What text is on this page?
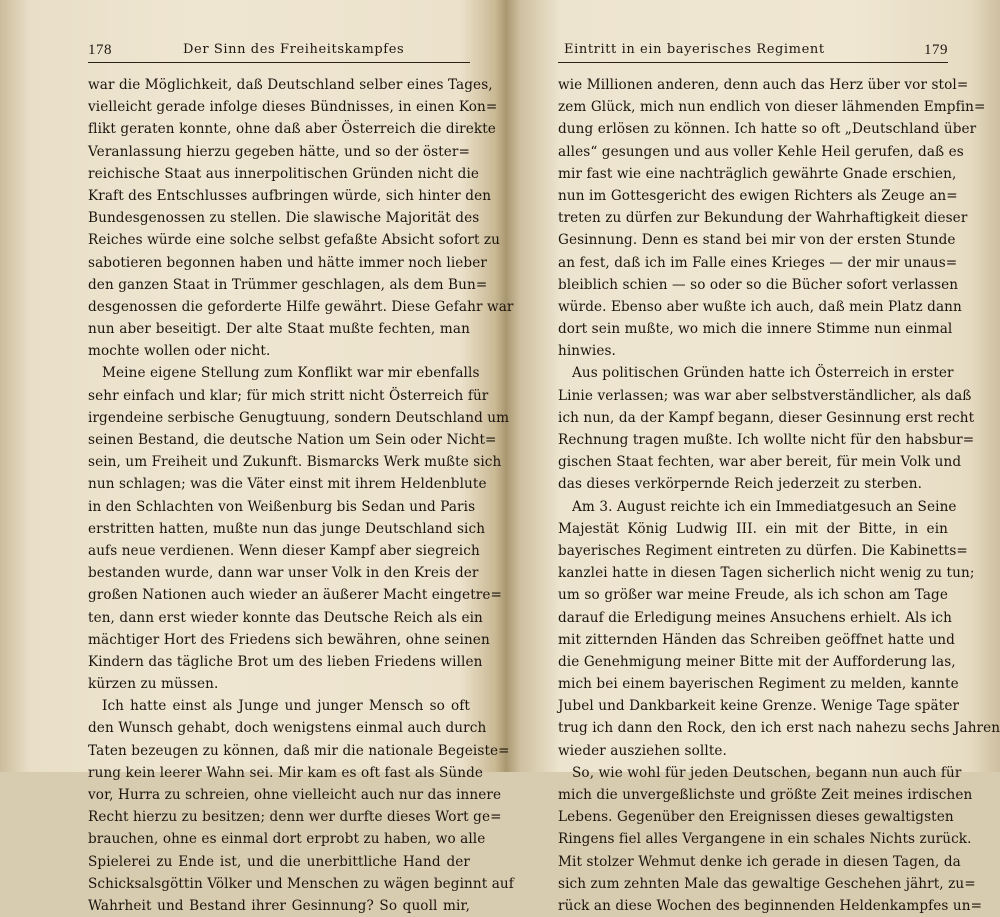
178	Der Sinn des Freiheitskampfes
war die Möglichkeit, daß Deutschland selber eines Tages,
vielleicht gerade infolge dieses Bündnisses, in einen Kon=
flikt geraten konnte, ohne daß aber Österreich die direkte
Veranlassung hierzu gegeben hätte, und so der öster=
reichische Staat aus innerpolitischen Gründen nicht die
Kraft des Entschlusses aufbringen würde, sich hinter den
Bundesgenossen zu stellen. Die slawische Majorität des
Reiches würde eine solche selbst gefaßte Absicht sofort zu
sabotieren begonnen haben und hätte immer noch lieber
den ganzen Staat in Trümmer geschlagen, als dem Bun=
desgenossen die geforderte Hilfe gewährt. Diese Gefahr war
nun aber beseitigt. Der alte Staat mußte fechten, man
mochte wollen oder nicht.
Meine eigene Stellung zum Konflikt war mir ebenfalls
sehr einfach und klar; für mich stritt nicht Österreich für
irgendeine serbische Genugtuung, sondern Deutschland um
seinen Bestand, die deutsche Nation um Sein oder Nicht=
sein, um Freiheit und Zukunft. Bismarcks Werk mußte sich
nun schlagen; was die Väter einst mit ihrem Heldenblute
in den Schlachten von Weißenburg bis Sedan und Paris
erstritten hatten, mußte nun das junge Deutschland sich
aufs neue verdienen. Wenn dieser Kampf aber siegreich
bestanden wurde, dann war unser Volk in den Kreis der
großen Nationen auch wieder an äußerer Macht eingetre=
ten, dann erst wieder konnte das Deutsche Reich als ein
mächtiger Hort des Friedens sich bewähren, ohne seinen
Kindern das tägliche Brot um des lieben Friedens willen
kürzen zu müssen.
Ich hatte einst als Junge und junger Mensch so oft
den Wunsch gehabt, doch wenigstens einmal auch durch
Taten bezeugen zu können, daß mir die nationale Begeiste=
rung kein leerer Wahn sei. Mir kam es oft fast als Sünde
vor, Hurra zu schreien, ohne vielleicht auch nur das innere
Recht hierzu zu besitzen; denn wer durfte dieses Wort ge=
brauchen, ohne es einmal dort erprobt zu haben, wo alle
Spielerei zu Ende ist, und die unerbittliche Hand der
Schicksalsgöttin Völker und Menschen zu wägen beginnt auf
Wahrheit und Bestand ihrer Gesinnung? So quoll mir,
Eintritt in ein bayerisches Regiment	179
wie Millionen anderen, denn auch das Herz über vor stol=
zem Glück, mich nun endlich von dieser lähmenden Empfin=
dung erlösen zu können. Ich hatte so oft „Deutschland über
alles“ gesungen und aus voller Kehle Heil gerufen, daß es
mir fast wie eine nachträglich gewährte Gnade erschien,
nun im Gottesgericht des ewigen Richters als Zeuge an=
treten zu dürfen zur Bekundung der Wahrhaftigkeit dieser
Gesinnung. Denn es stand bei mir von der ersten Stunde
an fest, daß ich im Falle eines Krieges — der mir unaus=
bleiblich schien — so oder so die Bücher sofort verlassen
würde. Ebenso aber wußte ich auch, daß mein Platz dann
dort sein mußte, wo mich die innere Stimme nun einmal
hinwies.
Aus politischen Gründen hatte ich Österreich in erster
Linie verlassen; was war aber selbstverständlicher, als daß
ich nun, da der Kampf begann, dieser Gesinnung erst recht
Rechnung tragen mußte. Ich wollte nicht für den habsbur=
gischen Staat fechten, war aber bereit, für mein Volk und
das dieses verkörpernde Reich jederzeit zu sterben.
Am 3. August reichte ich ein Immediatgesuch an Seine
Majestät König Ludwig III. ein mit der Bitte, in ein
bayerisches Regiment eintreten zu dürfen. Die Kabinetts=
kanzlei hatte in diesen Tagen sicherlich nicht wenig zu tun;
um so größer war meine Freude, als ich schon am Tage
darauf die Erledigung meines Ansuchens erhielt. Als ich
mit zitternden Händen das Schreiben geöffnet hatte und
die Genehmigung meiner Bitte mit der Aufforderung las,
mich bei einem bayerischen Regiment zu melden, kannte
Jubel und Dankbarkeit keine Grenze. Wenige Tage später
trug ich dann den Rock, den ich erst nach nahezu sechs Jahren
wieder ausziehen sollte.
So, wie wohl für jeden Deutschen, begann nun auch für
mich die unvergeßlichste und größte Zeit meines irdischen
Lebens. Gegenüber den Ereignissen dieses gewaltigsten
Ringens fiel alles Vergangene in ein schales Nichts zurück.
Mit stolzer Wehmut denke ich gerade in diesen Tagen, da
sich zum zehnten Male das gewaltige Geschehen jährt, zu=
rück an diese Wochen des beginnenden Heldenkampfes un=
